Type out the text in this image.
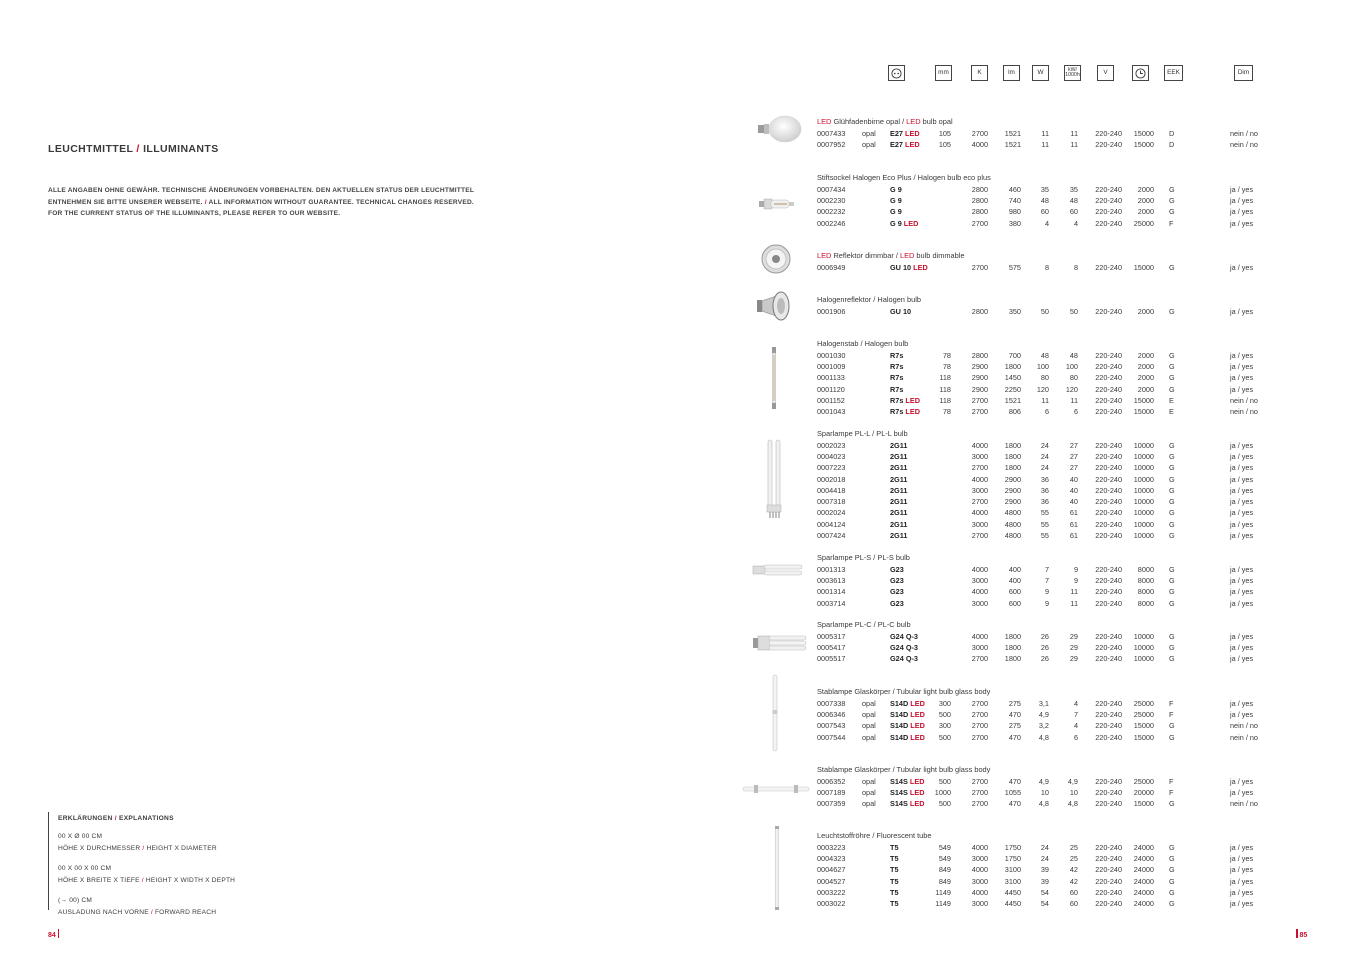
LEUCHTMITTEL / ILLUMINANTS
ALLE ANGABEN OHNE GEWÄHR. TECHNISCHE ÄNDERUNGEN VORBEHALTEN. DEN AKTUELLEN STATUS DER LEUCHTMITTEL
ENTNEHMEN SIE BITTE UNSERER WEBSEITE. / ALL INFORMATION WITHOUT GUARANTEE. TECHNICAL CHANGES RESERVED.
FOR THE CURRENT STATUS OF THE ILLUMINANTS, PLEASE REFER TO OUR WEBSITE.
ERKLÄRUNGEN / EXPLANATIONS
00 X Ø 00 CM
HÖHE X DURCHMESSER / HEIGHT X DIAMETER
00 X 00 X 00 CM
HÖHE X BREITE X TIEFE / HEIGHT X WIDTH X DEPTH
(→ 00) CM
AUSLADUNG NACH VORNE / FORWARD REACH
84	85
mm	K	lm	W	kW/
1000h	V	EEK	Dim
LED Glühfadenbirne opal / LED bulb opal
0007433 opal E27 LED	105	2700	1521	11	11	220-240	15000 D	nein / no
0007952 opal E27 LED	105	4000	1521	11	11	220-240	15000 D	nein / no
Stiftsockel Halogen Eco Plus / Halogen bulb eco plus
0007434	G 9	2800	460	35	35	220-240	2000 G	ja / yes
0002230	G 9	2800	740	48	48	220-240	2000 G	ja / yes
0002232	G 9	2800	980	60	60	220-240	2000 G	ja / yes
0002246	G 9 LED	2700	380	4	4	220-240	25000 F	ja / yes
LED Reflektor dimmbar / LED bulb dimmable
0006949	GU 10 LED	2700	575	8	8	220-240	15000 G	ja / yes
Halogenreflektor / Halogen bulb
0001906	GU 10	2800	350	50	50	220-240	2000 G	ja / yes
Halogenstab / Halogen bulb
0001030	R7s	78	2800	700	48	48	220-240	2000 G	ja / yes
0001009	R7s	78	2900	1800	100	100	220-240	2000 G	ja / yes
0001133	R7s	118	2900	1450	80	80	220-240	2000 G	ja / yes
0001120	R7s	118	2900	2250	120	120	220-240	2000 G	ja / yes
0001152	R7s LED	118	2700	1521	11	11	220-240	15000 E	nein / no
0001043	R7s LED	78	2700	806	6	6	220-240	15000 E	nein / no
Sparlampe PL-L / PL-L bulb
0002023	2G11	4000	1800	24	27	220-240	10000 G	ja / yes
0004023	2G11	3000	1800	24	27	220-240	10000 G	ja / yes
0007223	2G11	2700	1800	24	27	220-240	10000 G	ja / yes
0002018	2G11	4000	2900	36	40	220-240	10000 G	ja / yes
0004418	2G11	3000	2900	36	40	220-240	10000 G	ja / yes
0007318	2G11	2700	2900	36	40	220-240	10000 G	ja / yes
0002024	2G11	4000	4800	55	61	220-240	10000 G	ja / yes
0004124	2G11	3000	4800	55	61	220-240	10000 G	ja / yes
0007424	2G11	2700	4800	55	61	220-240	10000 G	ja / yes
Sparlampe PL-S / PL-S bulb
0001313	G23	4000	400	7	9	220-240	8000 G	ja / yes
0003613	G23	3000	400	7	9	220-240	8000 G	ja / yes
0001314	G23	4000	600	9	11	220-240	8000 G	ja / yes
0003714	G23	3000	600	9	11	220-240	8000 G	ja / yes
Sparlampe PL-C / PL-C bulb
0005317	G24 Q-3	4000	1800	26	29	220-240	10000 G	ja / yes
0005417	G24 Q-3	3000	1800	26	29	220-240	10000 G	ja / yes
0005517	G24 Q-3	2700	1800	26	29	220-240	10000 G	ja / yes
Stablampe Glaskörper / Tubular light bulb glass body
0007338 opal S14D LED	300	2700	275	3,1	4	220-240	25000 F	ja / yes
0006346 opal S14D LED	500	2700	470	4,9	7	220-240	25000 F	ja / yes
0007543 opal S14D LED	300	2700	275	3,2	4	220-240	15000 G	nein / no
0007544 opal S14D LED	500	2700	470	4,8	6	220-240	15000 G	nein / no
Stablampe Glaskörper / Tubular light bulb glass body
0006352 opal S14S LED	500	2700	470	4,9	4,9	220-240	25000 F	ja / yes
0007189 opal S14S LED	1000	2700	1055	10	10	220-240	20000 F	ja / yes
0007359 opal S14S LED	500	2700	470	4,8	4,8	220-240	15000 G	nein / no
Leuchtstoffröhre / Fluorescent tube
0003223	T5	549	4000	1750	24	25	220-240	24000 G	ja / yes
0004323	T5	549	3000	1750	24	25	220-240	24000 G	ja / yes
0004627	T5	849	4000	3100	39	42	220-240	24000 G	ja / yes
0004527	T5	849	3000	3100	39	42	220-240	24000 G	ja / yes
0003222	T5	1149	4000	4450	54	60	220-240	24000 G	ja / yes
0003022	T5	1149	3000	4450	54	60	220-240	24000 G	ja / yes
